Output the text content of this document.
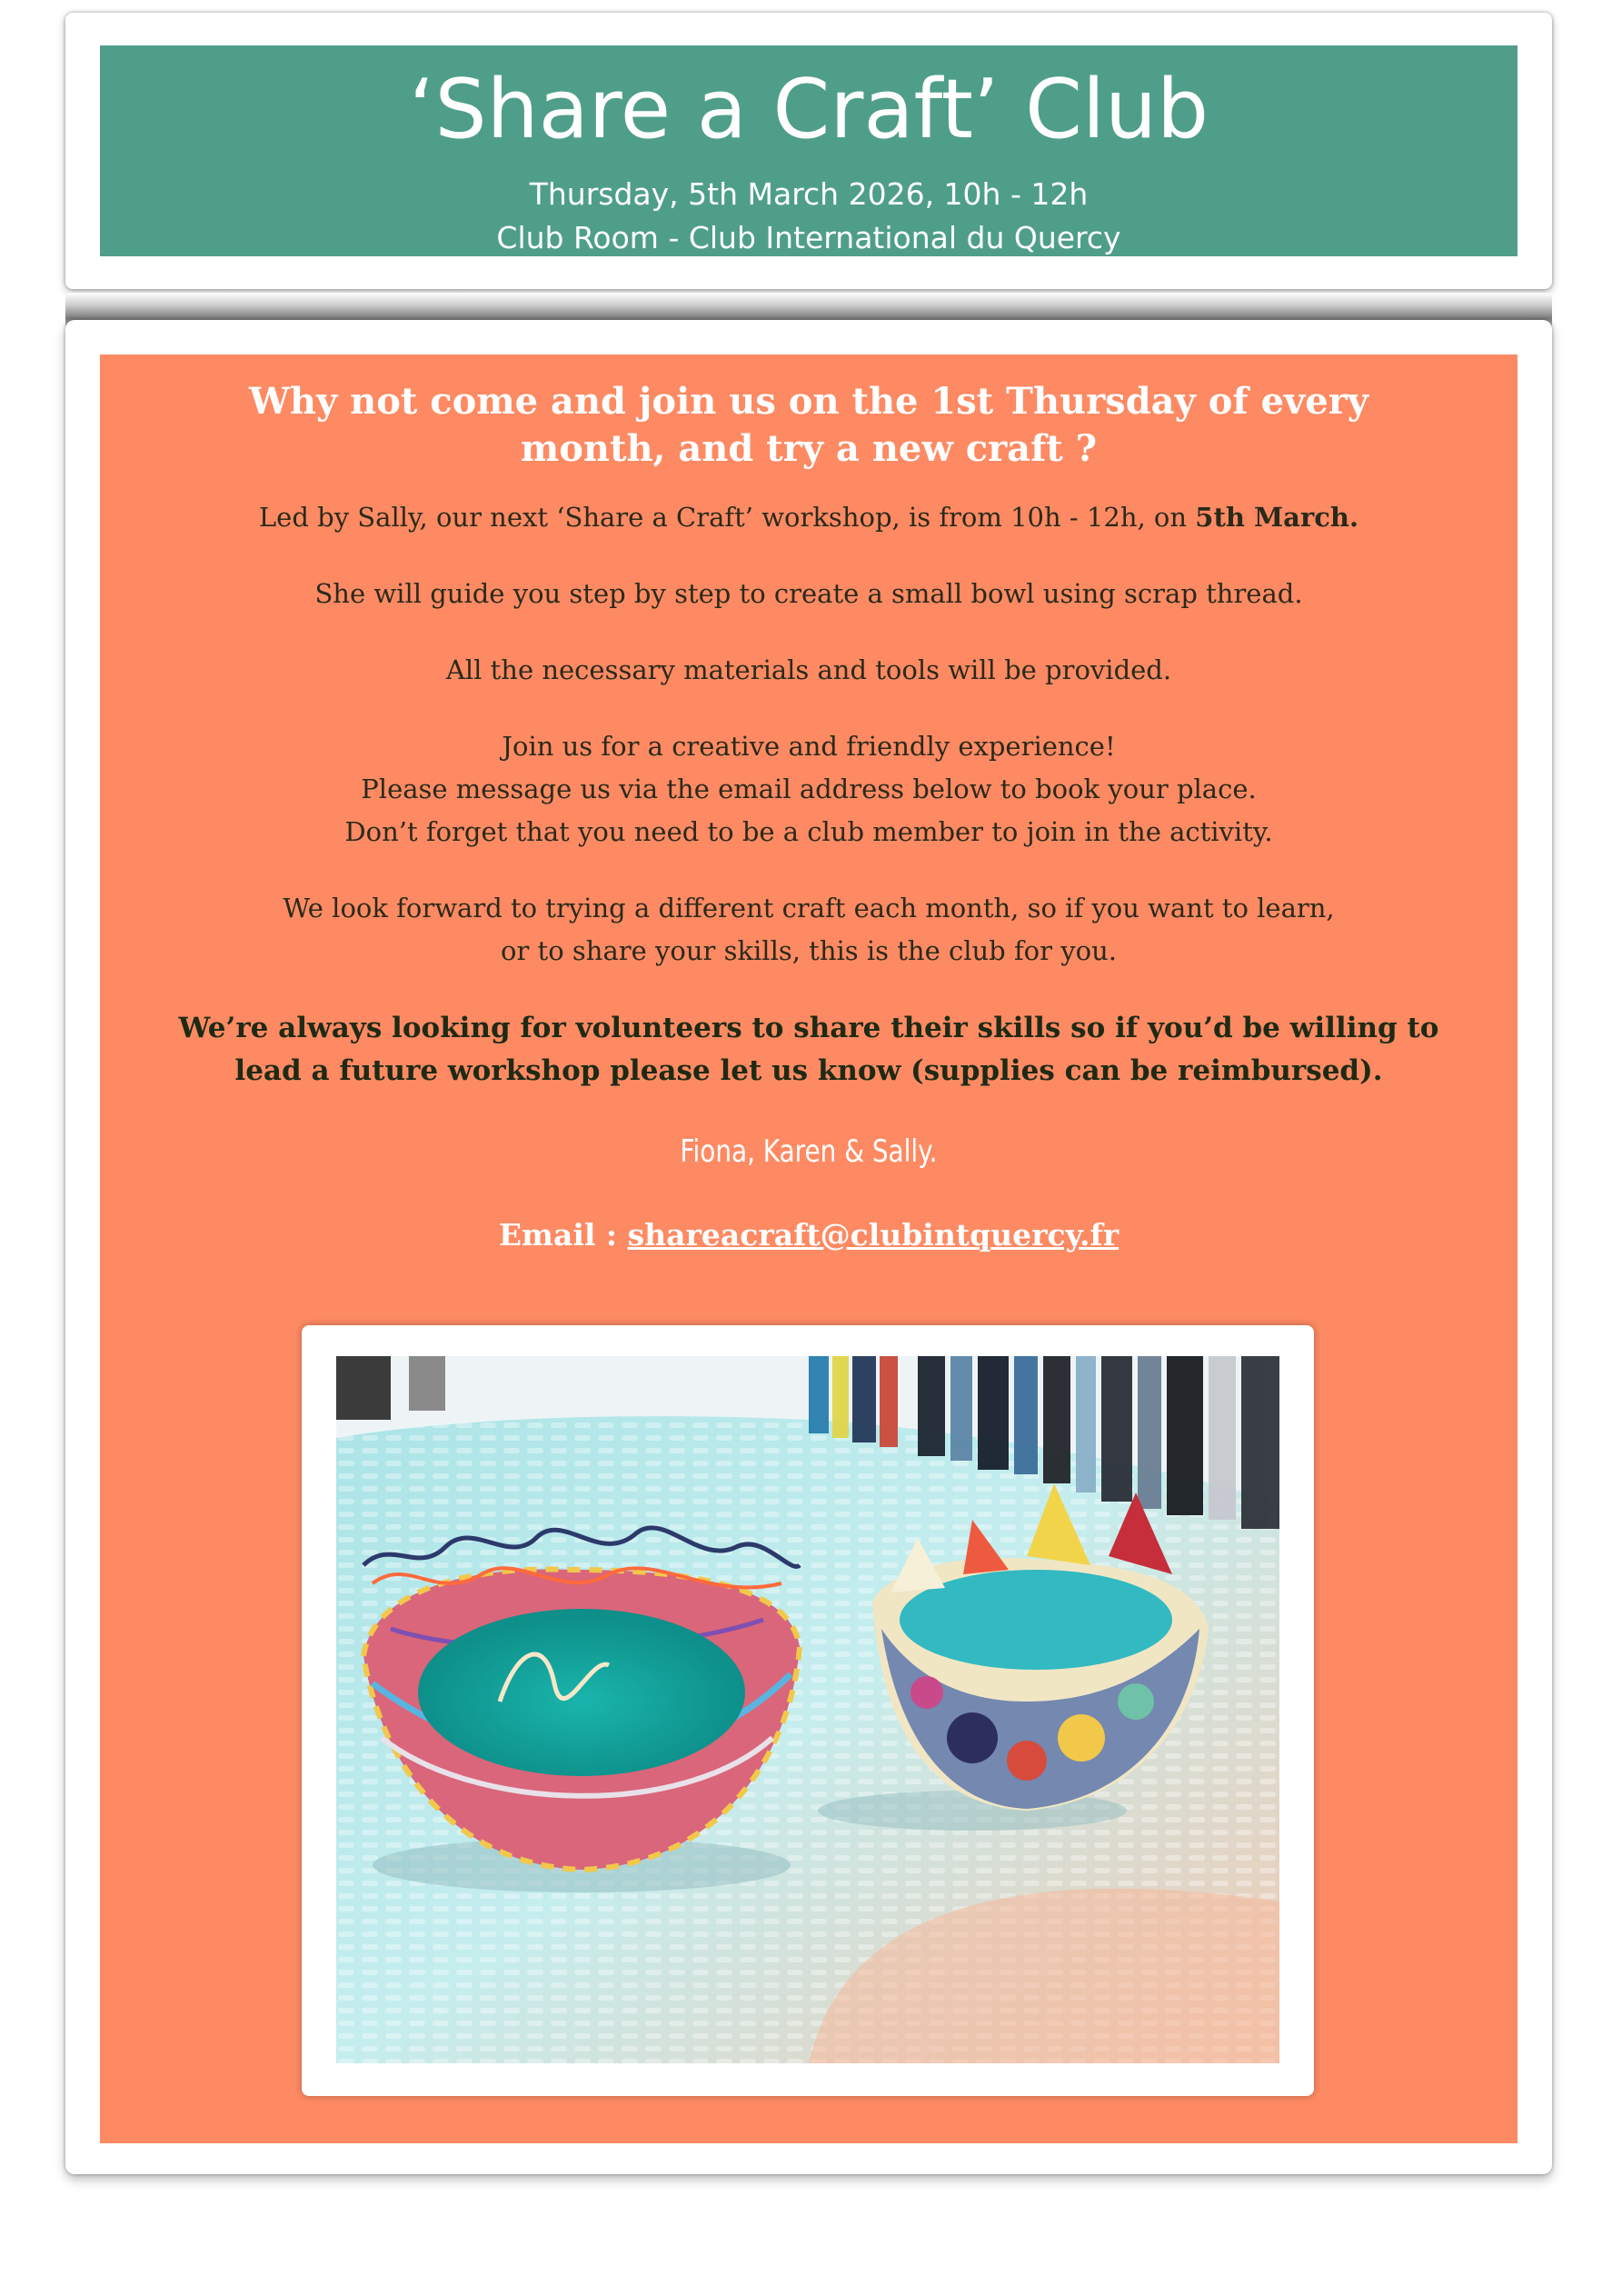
‘Share a Craft’ Club
Thursday, 5th March 2026, 10h - 12h
Club Room - Club International du Quercy
Why not come and join us on the 1st Thursday of every month, and try a new craft ?
Led by Sally, our next ‘Share a Craft’ workshop, is from 10h - 12h, on 5th March.
She will guide you step by step to create a small bowl using scrap thread.
All the necessary materials and tools will be provided.
Join us for a creative and friendly experience!
Please message us via the email address below to book your place.
Don’t forget that you need to be a club member to join in the activity.
We look forward to trying a different craft each month, so if you want to learn,
or to share your skills, this is the club for you.
We’re always looking for volunteers to share their skills so if you’d be willing to
lead a future workshop please let us know (supplies can be reimbursed).
Fiona, Karen & Sally.
Email : shareacraft@clubintquercy.fr
